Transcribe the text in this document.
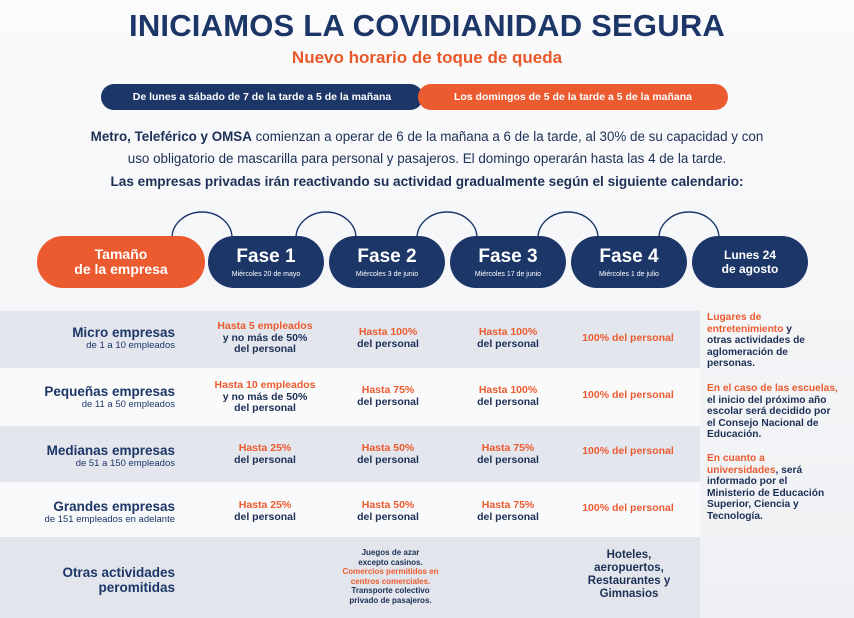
INICIAMOS LA COVIDIANIDAD SEGURA
Nuevo horario de toque de queda
De lunes a sábado de 7 de la tarde a 5 de la mañana	Los domingos de 5 de la tarde a 5 de la mañana
Metro, Teleférico y OMSA comienzan a operar de 6 de la mañana a 6 de la tarde, al 30% de su capacidad y con
uso obligatorio de mascarilla para personal y pasajeros. El domingo operarán hasta las 4 de la tarde.
Las empresas privadas irán reactivando su actividad gradualmente según el siguiente calendario:
Tamaño
de la empresa
Fase 1
Miércoles 20 de mayo
Fase 2
Miércoles 3 de junio
Fase 3
Miércoles 17 de junio
Fase 4
Miércoles 1 de julio
Lunes 24
de agosto
Micro empresas
de 1 a 10 empleados
Hasta 5 empleados
y no más de 50%
del personal
Hasta 100%
del personal
Hasta 100%
del personal	100% del personal
Pequeñas empresas
de 11 a 50 empleados
Hasta 10 empleados
y no más de 50%
del personal
Hasta 75%
del personal
Hasta 100%
del personal
100% del personal
Medianas empresas
de 51 a 150 empleados
Hasta 25%
del personal
Hasta 50%
del personal
Hasta 75%
del personal
100% del personal
Grandes empresas
de 151 empleados en adelante
Hasta 25%
del personal
Hasta 50%
del personal
Hasta 75%
del personal
100% del personal
Otras actividades
peromitidas
Juegos de azar
excepto casinos.
Comercios permitidos en
centros comerciales.
Transporte colectivo
privado de pasajeros.
Hoteles,
aeropuertos,
Restaurantes y
Gimnasios
Lugares de
entretenimiento y
otras actividades de
aglomeración de
personas.
En el caso de las escuelas,
el inicio del próximo año
escolar será decidido por
el Consejo Nacional de
Educación.
En cuanto a
universidades, será
informado por el
Ministerio de Educación
Superior, Ciencia y
Tecnología.
